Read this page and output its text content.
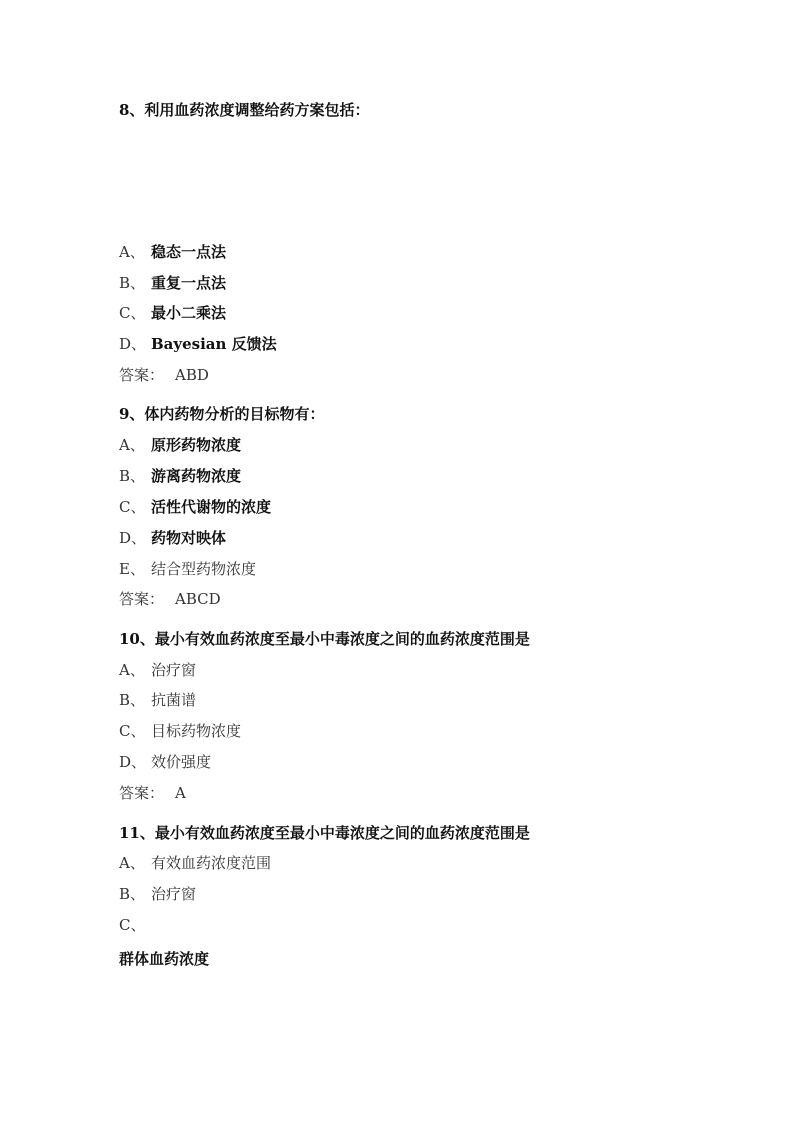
8、利用血药浓度调整给药方案包括：
A、 稳态一点法
B、 重复一点法
C、 最小二乘法
D、 Bayesian 反馈法
答案： ABD
9、体内药物分析的目标物有：
A、 原形药物浓度
B、 游离药物浓度
C、 活性代谢物的浓度
D、 药物对映体
E、 结合型药物浓度
答案： ABCD
10、最小有效血药浓度至最小中毒浓度之间的血药浓度范围是
A、 治疗窗
B、 抗菌谱
C、 目标药物浓度
D、 效价强度
答案： A
11、最小有效血药浓度至最小中毒浓度之间的血药浓度范围是
A、 有效血药浓度范围
B、 治疗窗
C、
群体血药浓度
